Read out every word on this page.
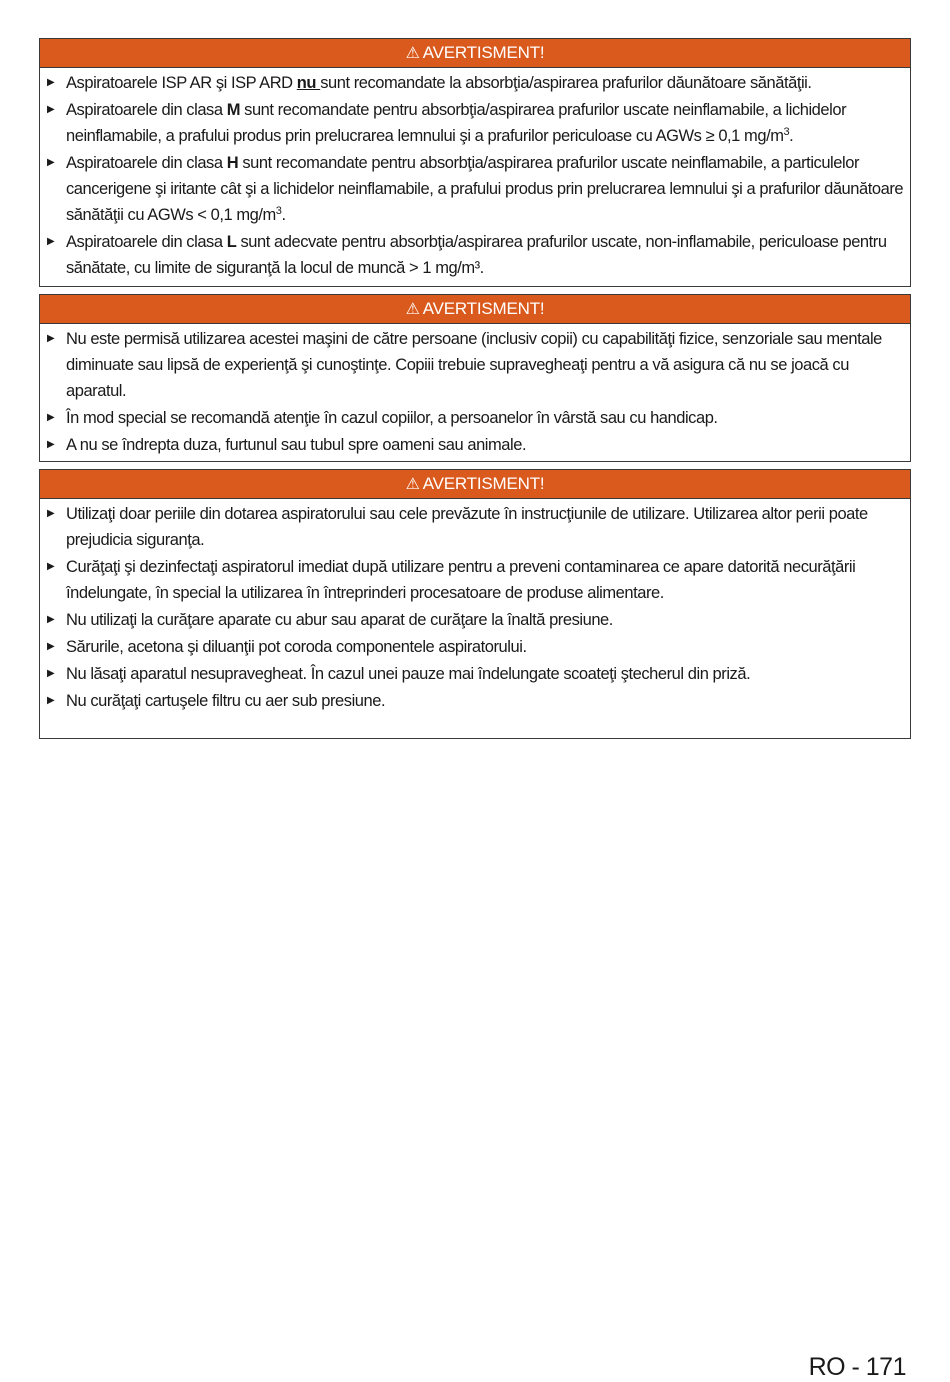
⚠ AVERTISMENT!
▶ Aspiratoarele ISP AR şi ISP ARD nu sunt recomandate la absorbţia/aspirarea prafurilor dăunătoare sănătăţii.
▶ Aspiratoarele din clasa M sunt recomandate pentru absorbţia/aspirarea prafurilor uscate neinflamabile, a lichidelor neinflamabile, a prafului produs prin prelucrarea lemnului şi a prafurilor periculoase cu AGWs ≥ 0,1 $mg/m^3$.
▶ Aspiratoarele din clasa H sunt recomandate pentru absorbţia/aspirarea prafurilor uscate neinflamabile, a particulelor cancerigene şi iritante cât şi a lichidelor neinflamabile, a prafului produs prin prelucrarea lemnului şi a prafurilor dăunătoare sănătăţii cu AGWs < 0,1 $mg/m^3$.
▶ Aspiratoarele din clasa L sunt adecvate pentru absorbţia/aspirarea prafurilor uscate, non-inflamabile, periculoase pentru sănătate, cu limite de siguranţă la locul de muncă > 1 mg/m³.
⚠ AVERTISMENT!
▶ Nu este permisă utilizarea acestei maşini de către persoane (inclusiv copii) cu capabilităţi fizice, senzoriale sau mentale diminuate sau lipsă de experienţă şi cunoştinţe. Copiii trebuie supravegheaţi pentru a vă asigura că nu se joacă cu aparatul.
▶ În mod special se recomandă atenţie în cazul copiilor, a persoanelor în vârstă sau cu handicap.
▶ A nu se îndrepta duza, furtunul sau tubul spre oameni sau animale.
⚠ AVERTISMENT!
▶ Utilizaţi doar periile din dotarea aspiratorului sau cele prevăzute în instrucţiunile de utilizare. Utilizarea altor perii poate prejudicia siguranţa.
▶ Curăţaţi şi dezinfectaţi aspiratorul imediat după utilizare pentru a preveni contaminarea ce apare datorită necurăţării îndelungate, în special la utilizarea în întreprinderi procesatoare de produse alimentare.
▶ Nu utilizaţi la curăţare aparate cu abur sau aparat de curăţare la înaltă presiune.
▶ Sărurile, acetona şi diluanţii pot coroda componentele aspiratorului.
▶ Nu lăsaţi aparatul nesupravegheat. În cazul unei pauze mai îndelungate scoateţi ştecherul din priză.
▶ Nu curăţaţi cartuşele filtru cu aer sub presiune.
RO - 171
